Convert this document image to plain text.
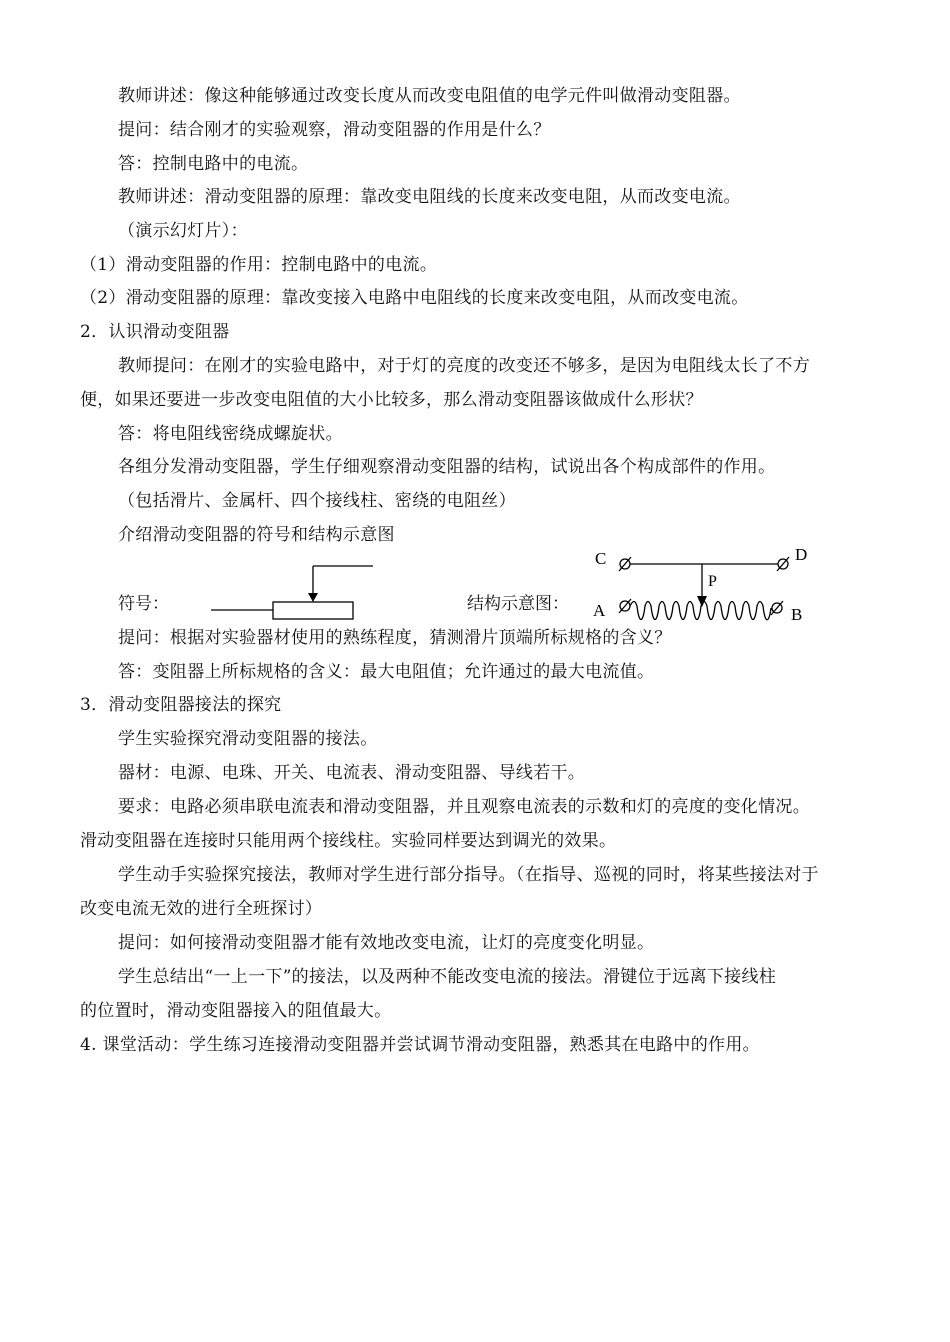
教师讲述：像这种能够通过改变长度从而改变电阻值的电学元件叫做滑动变阻器。
提问：结合刚才的实验观察，滑动变阻器的作用是什么？
答：控制电路中的电流。
教师讲述：滑动变阻器的原理：靠改变电阻线的长度来改变电阻，从而改变电流。
（演示幻灯片）：
（1）滑动变阻器的作用：控制电路中的电流。
（2）滑动变阻器的原理：靠改变接入电路中电阻线的长度来改变电阻，从而改变电流。
2．认识滑动变阻器
教师提问：在刚才的实验电路中，对于灯的亮度的改变还不够多，是因为电阻线太长了不方
便，如果还要进一步改变电阻值的大小比较多，那么滑动变阻器该做成什么形状？
答：将电阻线密绕成螺旋状。
各组分发滑动变阻器，学生仔细观察滑动变阻器的结构，试说出各个构成部件的作用。
（包括滑片、金属杆、四个接线柱、密绕的电阻丝）
介绍滑动变阻器的符号和结构示意图
符号：	结构示意图：
C	D
A	B
P
提问：根据对实验器材使用的熟练程度，猜测滑片顶端所标规格的含义？
答：变阻器上所标规格的含义：最大电阻值；允许通过的最大电流值。
3．滑动变阻器接法的探究
学生实验探究滑动变阻器的接法。
器材：电源、电珠、开关、电流表、滑动变阻器、导线若干。
要求：电路必须串联电流表和滑动变阻器，并且观察电流表的示数和灯的亮度的变化情况。
滑动变阻器在连接时只能用两个接线柱。实验同样要达到调光的效果。
学生动手实验探究接法，教师对学生进行部分指导。（在指导、巡视的同时，将某些接法对于
改变电流无效的进行全班探讨）
提问：如何接滑动变阻器才能有效地改变电流，让灯的亮度变化明显。
学生总结出“一上一下”的接法，以及两种不能改变电流的接法。滑键位于远离下接线柱
的位置时，滑动变阻器接入的阻值最大。
4. 课堂活动：学生练习连接滑动变阻器并尝试调节滑动变阻器，熟悉其在电路中的作用。
